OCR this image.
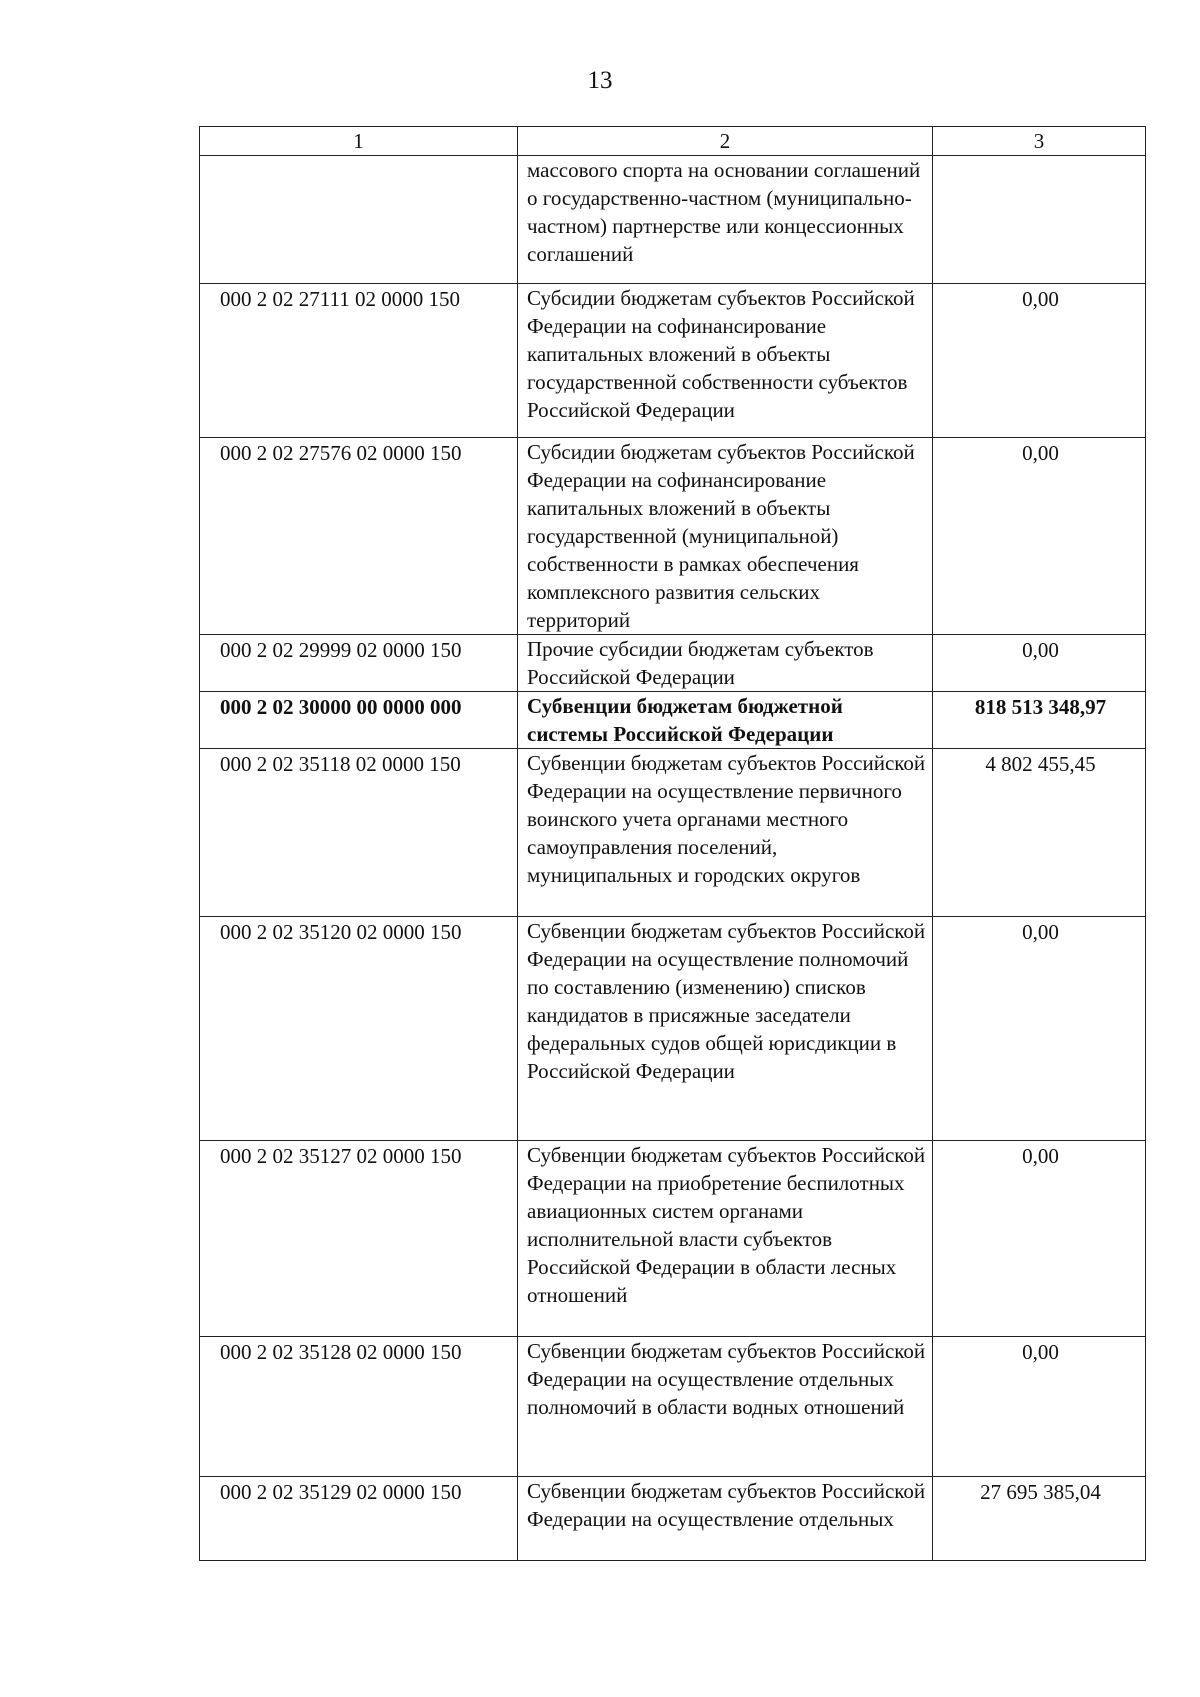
13
1	2	3
	массового спорта на основании соглашений о государственно-частном (муниципально-частном) партнерстве или концессионных соглашений	
000 2 02 27111 02 0000 150	Субсидии бюджетам субъектов Российской Федерации на софинансирование капитальных вложений в объекты государственной собственности субъектов Российской Федерации	0,00
000 2 02 27576 02 0000 150	Субсидии бюджетам субъектов Российской Федерации на софинансирование капитальных вложений в объекты государственной (муниципальной) собственности в рамках обеспечения комплексного развития сельских территорий	0,00
000 2 02 29999 02 0000 150	Прочие субсидии бюджетам субъектов Российской Федерации	0,00
000 2 02 30000 00 0000 000	Субвенции бюджетам бюджетной системы Российской Федерации	818 513 348,97
000 2 02 35118 02 0000 150	Субвенции бюджетам субъектов Российской Федерации на осуществление первичного воинского учета органами местного самоуправления поселений, муниципальных и городских округов	4 802 455,45
000 2 02 35120 02 0000 150	Субвенции бюджетам субъектов Российской Федерации на осуществление полномочий по составлению (изменению) списков кандидатов в присяжные заседатели федеральных судов общей юрисдикции в Российской Федерации	0,00
000 2 02 35127 02 0000 150	Субвенции бюджетам субъектов Российской Федерации на приобретение беспилотных авиационных систем органами исполнительной власти субъектов Российской Федерации в области лесных отношений	0,00
000 2 02 35128 02 0000 150	Субвенции бюджетам субъектов Российской Федерации на осуществление отдельных полномочий в области водных отношений	0,00
000 2 02 35129 02 0000 150	Субвенции бюджетам субъектов Российской Федерации на осуществление отдельных	27 695 385,04
